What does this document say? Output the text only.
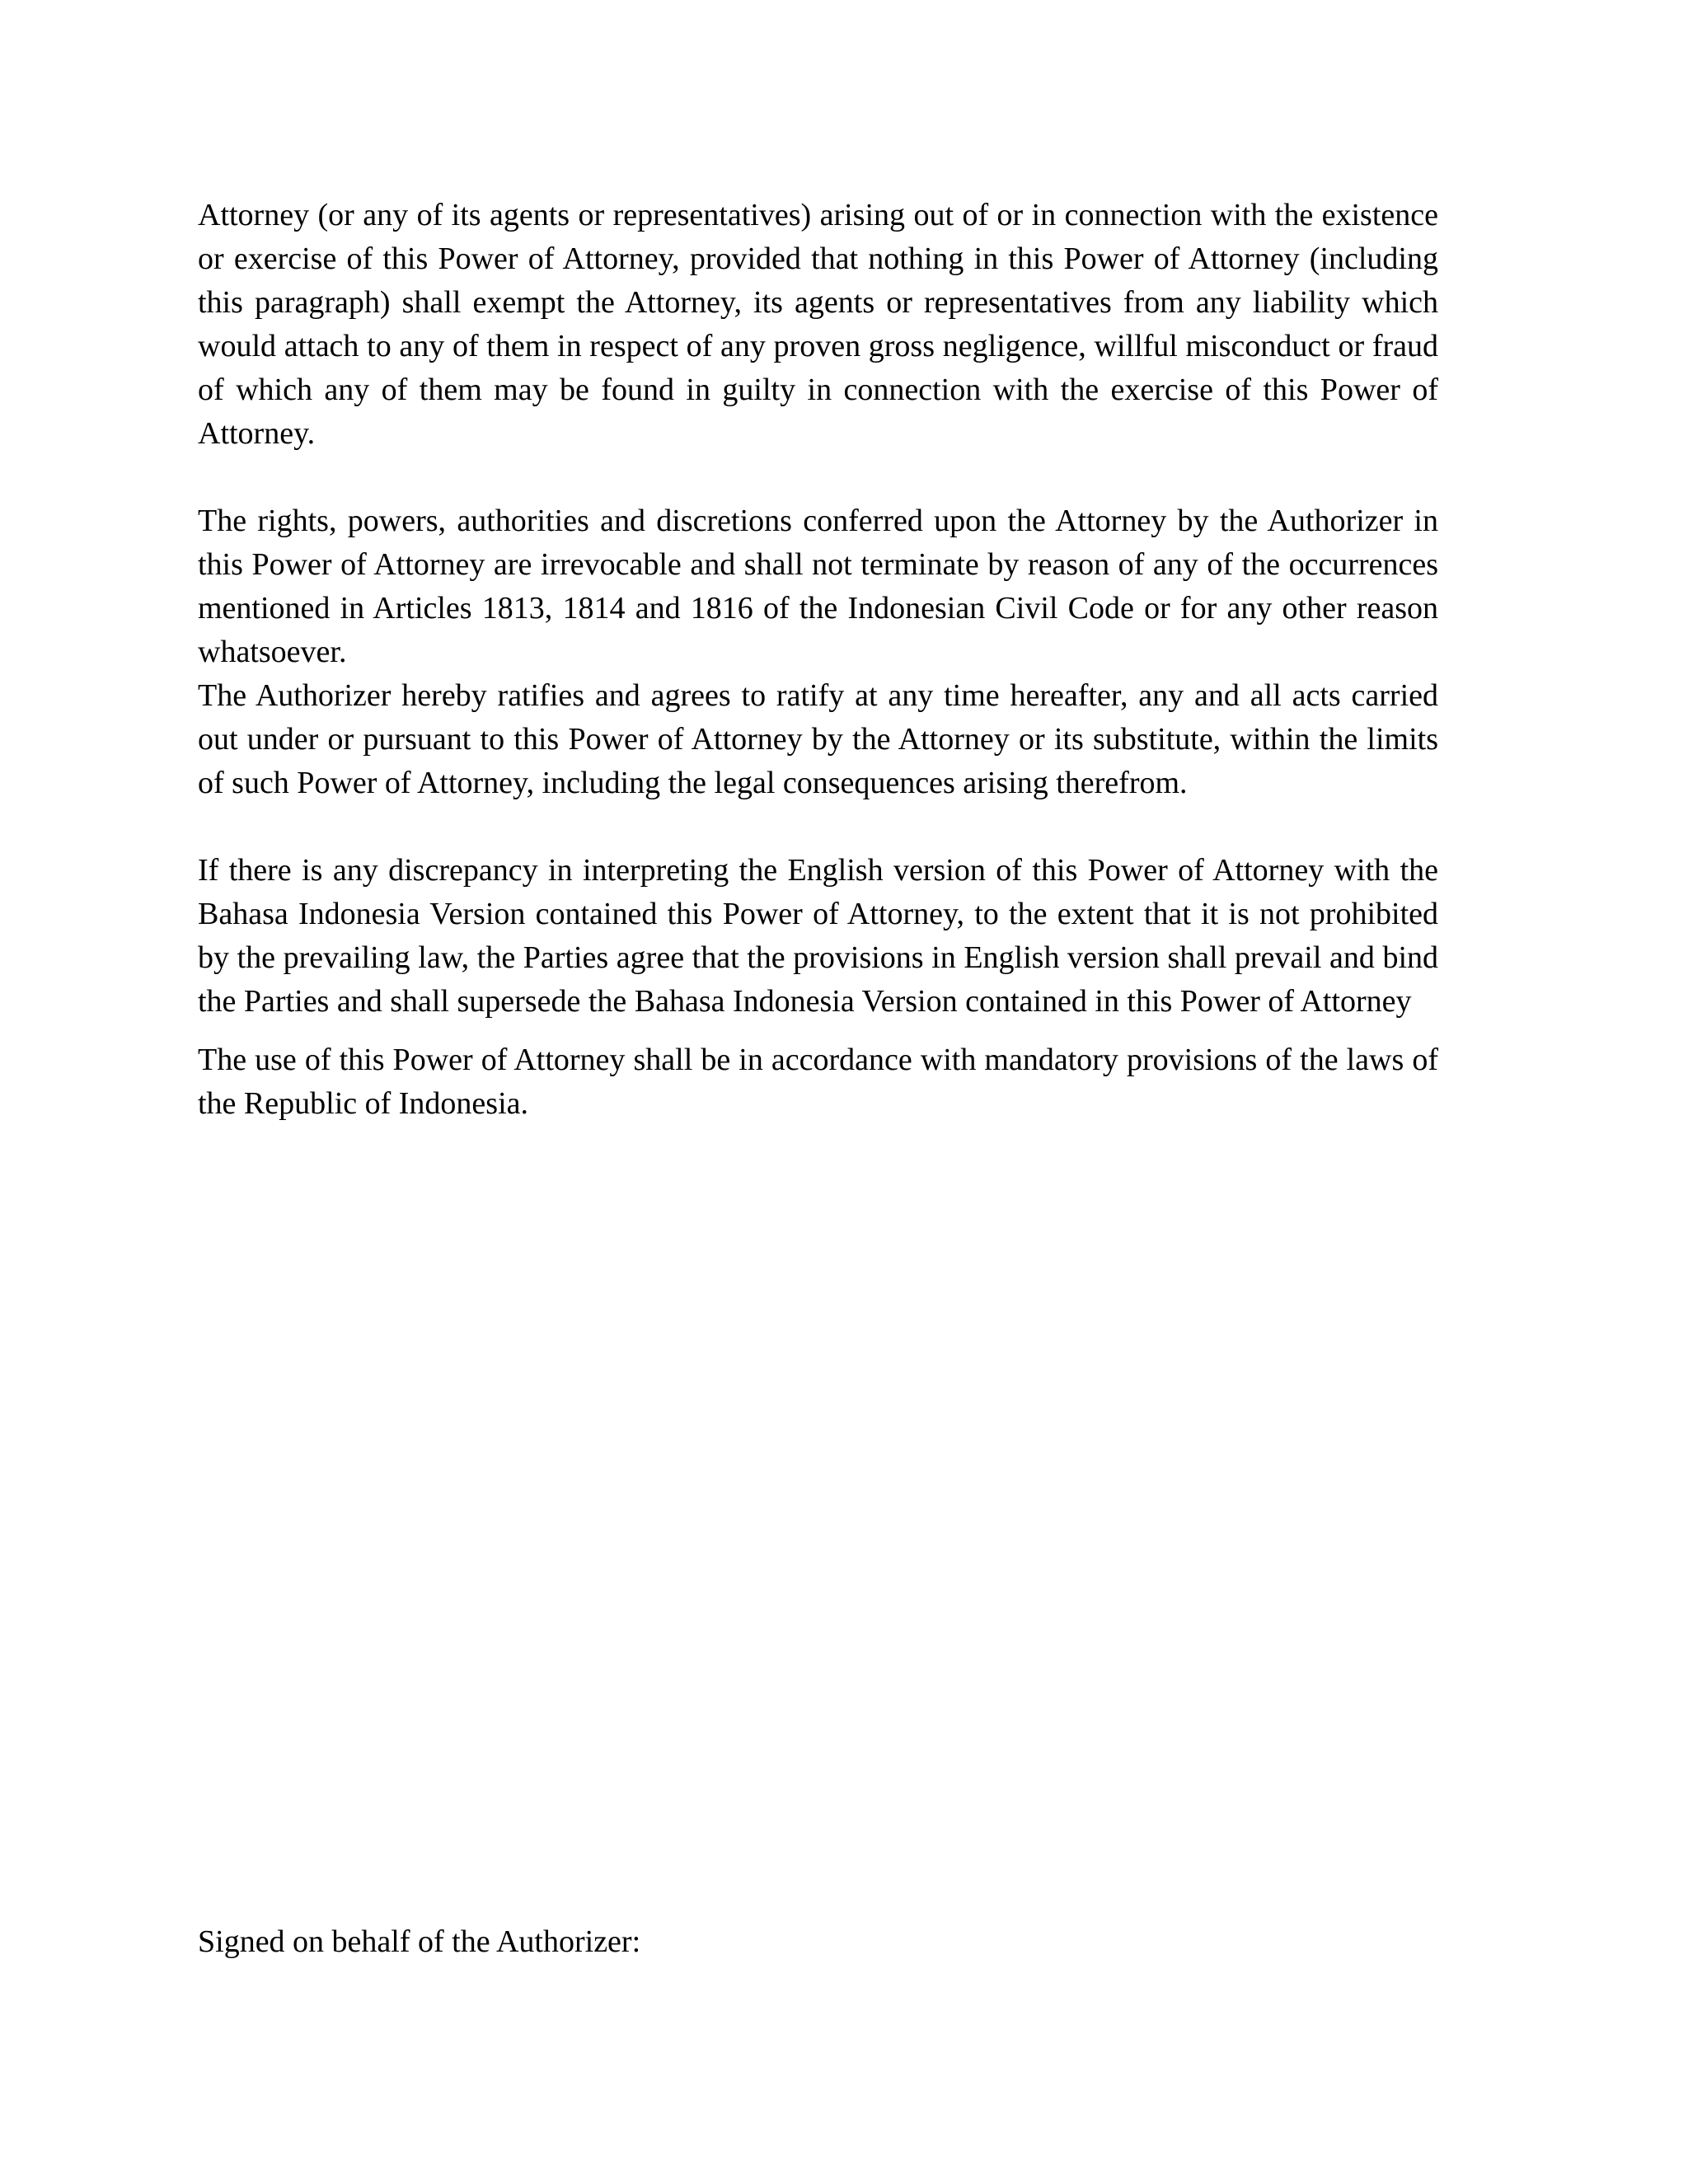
Attorney (or any of its agents or representatives) arising out of or in connection with the existence or exercise of this Power of Attorney, provided that nothing in this Power of Attorney (including this paragraph) shall exempt the Attorney, its agents or representatives from any liability which would attach to any of them in respect of any proven gross negligence, willful misconduct or fraud of which any of them may be found in guilty in connection with the exercise of this Power of Attorney.

The rights, powers, authorities and discretions conferred upon the Attorney by the Authorizer in this Power of Attorney are irrevocable and shall not terminate by reason of any of the occurrences mentioned in Articles 1813, 1814 and 1816 of the Indonesian Civil Code or for any other reason whatsoever.

The Authorizer hereby ratifies and agrees to ratify at any time hereafter, any and all acts carried out under or pursuant to this Power of Attorney by the Attorney or its substitute, within the limits of such Power of Attorney, including the legal consequences arising therefrom.

If there is any discrepancy in interpreting the English version of this Power of Attorney with the Bahasa Indonesia Version contained this Power of Attorney, to the extent that it is not prohibited by the prevailing law, the Parties agree that the provisions in English version shall prevail and bind the Parties and shall supersede the Bahasa Indonesia Version contained in this Power of Attorney

The use of this Power of Attorney shall be in accordance with mandatory provisions of the laws of the Republic of Indonesia.

Signed on behalf of the Authorizer:
